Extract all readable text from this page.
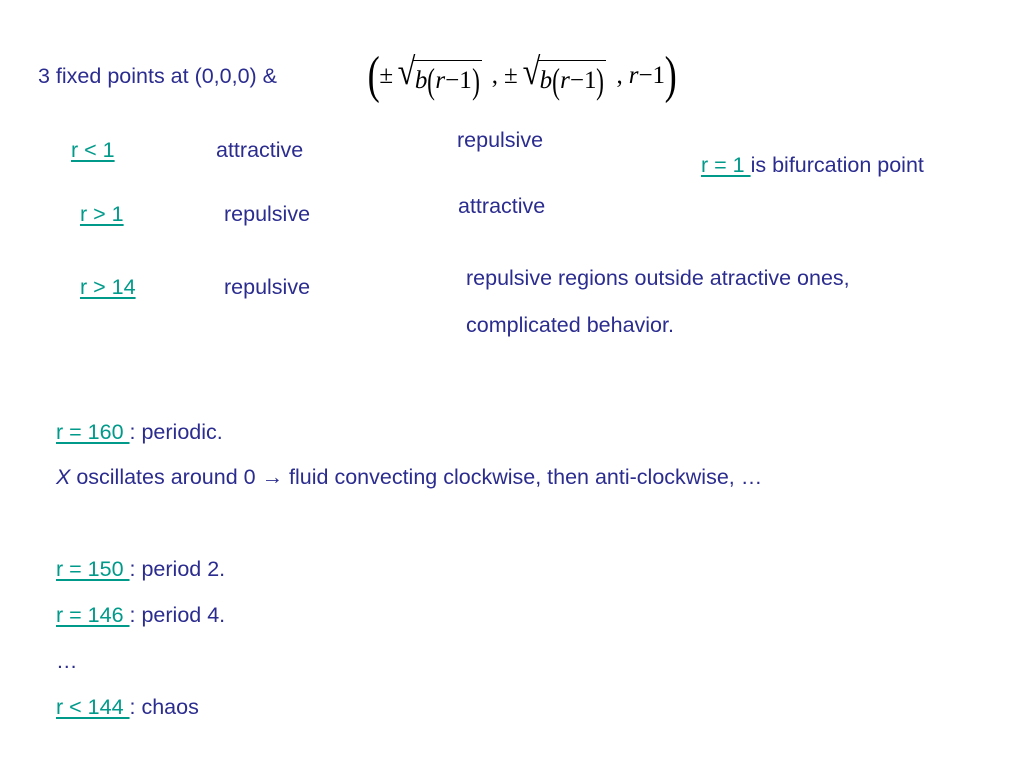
3 fixed points at (0,0,0) & ( ± √ b ( r − 1 ) , ± √ b ( r − 1 ) , r − 1 )
r < 1	attractive	repulsive
r > 1	repulsive	attractive
r > 14	repulsive
r = 1 is bifurcation point
repulsive regions outside atractive ones,
complicated behavior.
r = 160 : periodic.
X oscillates around 0 → fluid convecting clockwise, then anti-clockwise, …
r = 150 : period 2.
r = 146 : period 4.
…
r < 144 : chaos
